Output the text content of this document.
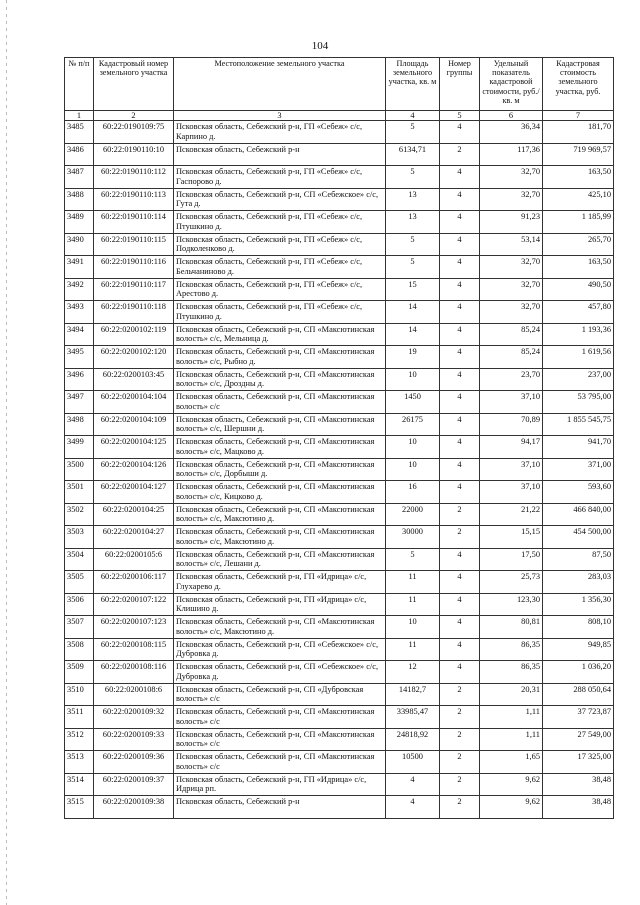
104
№ п/п	Кадастровый номер земельного участка	Местоположение земельного участка	Площадь земельного участка, кв. м	Номер группы	Удельный показатель кадастровой стоимости, руб./кв. м	Кадастровая стоимость земельного участка, руб.
1	2	3	4	5	6	7
3485	60:22:0190109:75	Псковская область, Себежский р-н, ГП «Себеж» с/с, Карпино д.	5	4	36,34	181,70
3486	60:22:0190110:10	Псковская область, Себежский р-н	6134,71	2	117,36	719 969,57
3487	60:22:0190110:112	Псковская область, Себежский р-н, ГП «Себеж» с/с, Гаспорово д.	5	4	32,70	163,50
3488	60:22:0190110:113	Псковская область, Себежский р-н, СП «Себежское» с/с, Гута д.	13	4	32,70	425,10
3489	60:22:0190110:114	Псковская область, Себежский р-н, ГП «Себеж» с/с, Птушкино д.	13	4	91,23	1 185,99
3490	60:22:0190110:115	Псковская область, Себежский р-н, ГП «Себеж» с/с, Подколенково д.	5	4	53,14	265,70
3491	60:22:0190110:116	Псковская область, Себежский р-н, ГП «Себеж» с/с, Бельчаниново д.	5	4	32,70	163,50
3492	60:22:0190110:117	Псковская область, Себежский р-н, ГП «Себеж» с/с, Арестово д.	15	4	32,70	490,50
3493	60:22:0190110:118	Псковская область, Себежский р-н, ГП «Себеж» с/с, Птушкино д.	14	4	32,70	457,80
3494	60:22:0200102:119	Псковская область, Себежский р-н, СП «Максютинская волость» с/с, Мельница д.	14	4	85,24	1 193,36
3495	60:22:0200102:120	Псковская область, Себежский р-н, СП «Максютинская волость» с/с, Рыбно д.	19	4	85,24	1 619,56
3496	60:22:0200103:45	Псковская область, Себежский р-н, СП «Максютинская волость» с/с, Дроздны д.	10	4	23,70	237,00
3497	60:22:0200104:104	Псковская область, Себежский р-н, СП «Максютинская волость» с/с	1450	4	37,10	53 795,00
3498	60:22:0200104:109	Псковская область, Себежский р-н, СП «Максютинская волость» с/с, Шершни д.	26175	4	70,89	1 855 545,75
3499	60:22:0200104:125	Псковская область, Себежский р-н, СП «Максютинская волость» с/с, Мацково д.	10	4	94,17	941,70
3500	60:22:0200104:126	Псковская область, Себежский р-н, СП «Максютинская волость» с/с, Дорбыши д.	10	4	37,10	371,00
3501	60:22:0200104:127	Псковская область, Себежский р-н, СП «Максютинская волость» с/с, Кицково д.	16	4	37,10	593,60
3502	60:22:0200104:25	Псковская область, Себежский р-н, СП «Максютинская волость» с/с, Максютино д.	22000	2	21,22	466 840,00
3503	60:22:0200104:27	Псковская область, Себежский р-н, СП «Максютинская волость» с/с, Максютино д.	30000	2	15,15	454 500,00
3504	60:22:0200105:6	Псковская область, Себежский р-н, СП «Максютинская волость» с/с, Лешани д.	5	4	17,50	87,50
3505	60:22:0200106:117	Псковская область, Себежский р-н, ГП «Идрица» с/с, Глухарево д.	11	4	25,73	283,03
3506	60:22:0200107:122	Псковская область, Себежский р-н, ГП «Идрица» с/с, Клишино д.	11	4	123,30	1 356,30
3507	60:22:0200107:123	Псковская область, Себежский р-н, СП «Максютинская волость» с/с, Максютино д.	10	4	80,81	808,10
3508	60:22:0200108:115	Псковская область, Себежский р-н, СП «Себежское» с/с, Дубровка д.	11	4	86,35	949,85
3509	60:22:0200108:116	Псковская область, Себежский р-н, СП «Себежское» с/с, Дубровка д.	12	4	86,35	1 036,20
3510	60:22:0200108:6	Псковская область, Себежский р-н, СП «Дубровская волость» с/с	14182,7	2	20,31	288 050,64
3511	60:22:0200109:32	Псковская область, Себежский р-н, СП «Максютинская волость» с/с	33985,47	2	1,11	37 723,87
3512	60:22:0200109:33	Псковская область, Себежский р-н, СП «Максютинская волость» с/с	24818,92	2	1,11	27 549,00
3513	60:22:0200109:36	Псковская область, Себежский р-н, СП «Максютинская волость» с/с	10500	2	1,65	17 325,00
3514	60:22:0200109:37	Псковская область, Себежский р-н, ГП «Идрица» с/с, Идрица рп.	4	2	9,62	38,48
3515	60:22:0200109:38	Псковская область, Себежский р-н	4	2	9,62	38,48
